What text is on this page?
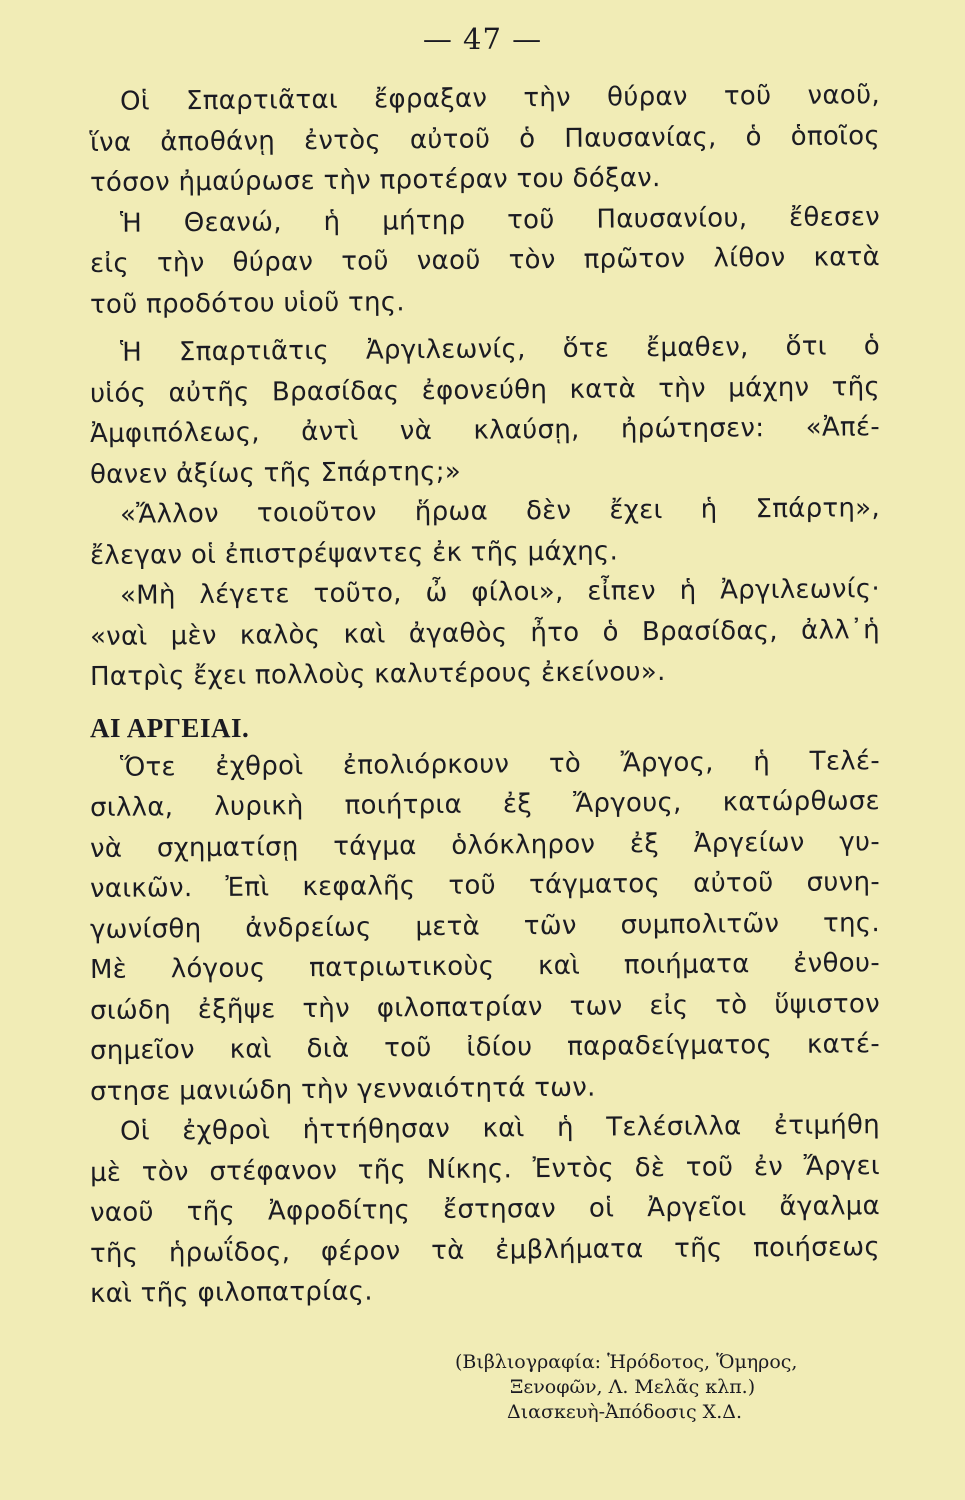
— 47 —
Οἱ Σπαρτιᾶται ἔφραξαν τὴν θύραν τοῦ ναοῦ,
ἵνα ἀποθάνῃ ἐντὸς αὐτοῦ ὁ Παυσανίας, ὁ ὁποῖος
τόσον ἠμαύρωσε τὴν προτέραν του δόξαν.
Ἡ Θεανώ, ἡ μήτηρ τοῦ Παυσανίου, ἔθεσεν
εἰς τὴν θύραν τοῦ ναοῦ τὸν πρῶτον λίθον κατὰ
τοῦ προδότου υἱοῦ της.
Ἡ Σπαρτιᾶτις Ἀργιλεωνίς, ὅτε ἔμαθεν, ὅτι ὁ
υἱός αὐτῆς Βρασίδας ἐφονεύθη κατὰ τὴν μάχην τῆς
Ἀμφιπόλεως, ἀντὶ νὰ κλαύσῃ, ἠρώτησεν: «Ἀπέ-
θανεν ἀξίως τῆς Σπάρτης;»
«Ἄλλον τοιοῦτον ἥρωα δὲν ἔχει ἡ Σπάρτη»,
ἔλεγαν οἱ ἐπιστρέψαντες ἐκ τῆς μάχης.
«Μὴ λέγετε τοῦτο, ὦ φίλοι», εἶπεν ἡ Ἀργιλεωνίς·
«ναὶ μὲν καλὸς καὶ ἀγαθὸς ἦτο ὁ Βρασίδας, ἀλλ᾿ἡ
Πατρὶς ἔχει πολλοὺς καλυτέρους ἐκείνου».
ΑΙ ΑΡΓΕΙΑΙ.
Ὅτε ἐχθροὶ ἐπολιόρκουν τὸ Ἄργος, ἡ Τελέ-
σιλλα, λυρικὴ ποιήτρια ἐξ Ἄργους, κατώρθωσε
νὰ σχηματίσῃ τάγμα ὁλόκληρον ἐξ Ἀργείων γυ-
ναικῶν. Ἐπὶ κεφαλῆς τοῦ τάγματος αὐτοῦ συνη-
γωνίσθη ἀνδρείως μετὰ τῶν συμπολιτῶν της.
Μὲ λόγους πατριωτικοὺς καὶ ποιήματα ἐνθου-
σιώδη ἐξῆψε τὴν φιλοπατρίαν των εἰς τὸ ὕψιστον
σημεῖον καὶ διὰ τοῦ ἰδίου παραδείγματος κατέ-
στησε μανιώδη τὴν γενναιότητά των.
Οἱ ἐχθροὶ ἡττήθησαν καὶ ἡ Τελέσιλλα ἐτιμήθη
μὲ τὸν στέφανον τῆς Νίκης. Ἐντὸς δὲ τοῦ ἐν Ἄργει
ναοῦ τῆς Ἀφροδίτης ἔστησαν οἱ Ἀργεῖοι ἄγαλμα
τῆς ἡρωΐδος, φέρον τὰ ἐμβλήματα τῆς ποιήσεως
καὶ τῆς φιλοπατρίας.
(Βιβλιογραφία: Ἡρόδοτος, Ὅμηρος,
Ξενοφῶν, Λ. Μελᾶς κλπ.)
Διασκευὴ-Ἀπόδοσις Χ.Δ.
